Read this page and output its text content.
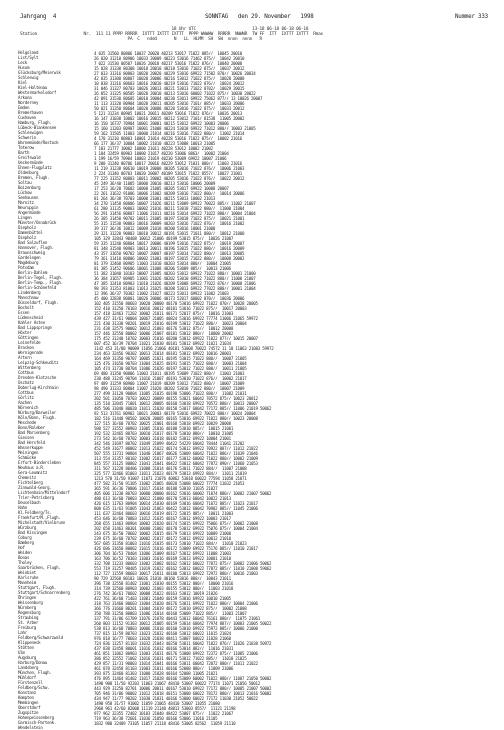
Jahrgang  4	SONNTAG   den 29. November   1998	Nummer 333
18 Uhr UTC                       13-18 06-18 06-18 06-18
Station                   Nr.  111 11 PPPP RRRRR  IXTTT IXTTT IXTTT  PPPP WWWWW  RRRRR  NWWWR  TW FF  ITT  IXTTT IXTTT  Rmax
PA  C   nddd       N   LL  HLMM  SH  SW  nnnn  nnnn   R
Helgoland	4 035 31560 80806 10037 20020 40213 53017 71022 885//  10045 20010
List/Sylt	26 020 31210 80906 10033 20009 40223 53016 71462 875//  10042 20010
Leck	7 022 31530 00507 10026 20018 40217 53016 71022 876//  10040 20008
Husum	15 028 31330 80308 10018 20010 40218 53016 71022 875//  10037 20012
Glücksburg/Meierwik	27 033 31316 80803 10020 20020 40229 53016 69922 71502 870// 10026 20034
Schleswig	42 035 31308 80807 10020 20006 40216 53012 71022 875//  10028 20008
Kiel	10 038 31316 80603 10016 20010 40219 53016 71022 876//  10024 20012
Kiel-Holtenau	31 046 31327 80703 10026 20013 40221 53013 71022 8702/  10029 20015
Westermarkelsdorf	26 052 31325 80505 10020 20010 40213 53016 60002 71022 875// 10030 20022
Arkona	42 091 31530 80605 10018 20004 40230 53011 69922 75062 877// 13 10026 20007
Norderney	11 113 31320 80904 10020 20011 40205 53016 7101/ 885//  10033 20006
Emden	50 021 31350 80604 10020 20008 40220 53016 71022 875//  10033 20012
Bremerhaven	5 121 31234 80905 10021 20011 40209 53016 71022 876//  10026 20013
Cuxhaven	16 147 31038 10002 10016 20015 40212 53012 7101/ 81538  11005 20002
Hamburg, Flugh.	16 150 16737 70904 10001 20001 40215 53012 69922 10003 20006
Lübeck-Blankensee	15 160 11203 80907 10001 21008 40224 53018 69922 71012 880// 10003 21005
Schleswigen	59 162 31505 11003 10000 21014 40216 53016 71022 880//  11002 21014
Schwerin	4 170 31210 80803 10001 21014 40228 53016 71022 875//  10002 21016
Warnemünde/Rostock	66 177 36/37 10004 10002 21010 40223 53008 10013 21005
Teterow	7 183 21777 10002 10000 21011 40228 53012 10002 21002
Barth	1 184 32459 80903 10000 21017 40220 53006 8863/  10002 21004
Greifswald	1 199 16/59 70904 10003 21019 40230 53009 69922 10007 21006
Ueckermünde	9 200 31240 80706 10017 20016 40229 53012 71031 880//  11003 21016
Ehnen-Flugplatz	11 219 31238 80610 10019 20008 40205 53016 71022 876//  10006 21003
Oldenburg	2 224 31340 80703 10020 20007 40189 53015 71022 8557/  10027 21001
Bremen, Flugh.	77 225 31352 80803 10011 20002 40205 53016 71022 876//  10022 20012
Soltau	45 249 36/40 11005 10000 20010 40213 53016 10006 20009
Boizenburg	17 253 16/20 70602 10008 21005 40205 53017 69922 10008 20007
Lüchow	22 261 31632 91006 10006 21002 40209 53016 71022 880//  10014 20006
Seehausen	81 264 36/38 70703 10000 21001 40215 53013 10002 21013
Marnitz	34 270 11458 80806 10007 21026 40211 53009 69922 70022 885// 11002 21007
Neuruppin	61 280 31135 90803 10002 21016 40211 53018 71022 880//  11000 21004
Angermünde	56 291 31456 80807 11006 21011 40216 53014 69922 71022 880// 10004 21004
Lingen	26 305 31450 90702 10011 21005 40197 53018 71022 875//  10021 21001
Münster/Osnabrück	55 315 31530 90803 10016 20009 40203 53016 71022 876//  10016 21002
Diepholz	39 317 36/36 10012 10009 21018 40200 53016 10001 21000
Damenbüttel	29 321 31220 90803 10010 20012 40191 53015 71011 880//  10012 21000
Diepholz	105 329 32843 90408 10012 21006 40199 53015 875//  10026 21007
Bad Salzuflen	59 335 31240 80804 10017 20006 40199 53016 71022 875//  10019 20007
Hannover, Flugh.	81 348 31540 90903 10013 20011 40196 53015 71022 880//  10016 20009
Braunschweig	43 357 31650 90702 10007 20007 40197 53014 71022 880//  10013 20005
Gardelegen	79 361 31410 80806 10002 21003 40197 53015 71022 880//  10008 20002
Magdeburg	81 379 32460 80905 11003 21010 40203 53014 880//  10004 21005
Potsdam	81 385 31452 90606 10001 21008 40206 53009 885//  10013 21006
Berlin-Dahlem	51 382 31040 10103 10007 21005 40203 53012 69922 71022 880// 10001 21000
Berlin-Tegel, Flugh.	36 384 31657 80905 11001 21026 40202 53010 69922 71022 880// 11000 21007
Berlin-Temp., Flugh.	47 385 32410 80903 11010 21026 40209 53008 69922 77022 876// 10008 21006
Berlin-Schönefeld	98 393 31353 81003 11013 21025 40208 53013 69922 77022 880// 10001 21004
Lindenberg	12 396 36/37 70302 11002 21027 40223 53011 69922 11002 21003
Manschnow	45 400 32838 80801 10026 20006 40173 52017 60002 870//  10036 20006
Düsseldorf, Flugh.	102 405 31550 80603 10020 20000 40170 53016 69922 71022 870// 10028 20005
Bocholt	152 410 31250 70103 10016 20012 40181 53016 71022 875//  10017 20003
Essen	157 418 32463 71202 10002 21011 40171 52017 875//  10016 21003
Lüdenscheid	439 427 31/61 90004 10067 21005 40824 53016 69922 77774 11006 21065 59972
Kahler Asten	221 430 31330 90201 10019 21016 40199 53012 71022 880//  10023 20004
Bad Lippspringe	231 438 32575 90002 10012 21003 40176 53012 875//  10012 20008
Höxter	157 446 32550 80002 10006 21007 40181 53012 880//  10008 20002
Göttingen	175 452 31240 10702 10003 21016 40200 53012 69922 71022 877// 10015 20007
Leinefelde	607 452 16/39 70704 11021 21030 40181 53012 69922 11021 21034
Brocken	1142 453 31/80 90009 11056 21066 40181 53008 70022 74572 11 10 11063 21083 59972
Wernigerode	234 463 32456 90302 10013 21014 40181 53012 69922 10016 20003
Artern	164 469 31350 90707 10005 21021 40195 53015 71022 880//  10007 21005
Leipzig-Schkeuditz	125 476 31650 90703 11004 21025 40191 53015 71022 880//  10003 21004
Wittenberg	105 474 31730 80704 11006 21026 40197 53012 71022 880//  10011 21005
Cottbus	69 480 31350 90806 11003 21011 40195 53009 71022 880//  11003 21003
Dresden-Klotzsche	230 488 31245 90704 11016 21007 40191 53010 71022 876//  10002 21017
Oschatz	97 489 31259 80900 11007 21019 40209 53012 71022 880//  10007 21009
Doberlug-Kirchhain	98 490 31333 80804 11007 21020 40202 53010 71022 880//  10007 21009
Cottbus	277 499 31128 90804 11005 21035 40190 53006 71022 880//  11002 21031
Görlitz	202 501 31050 70703 10022 20009 40155 53021 60042 70572 875// 10023 20012
Aachen	135 510 32045 71001 10012 20005 40160 53018 69922 70572 880// 10013 20007
Nörvenich	485 506 31040 80020 11011 21020 40158 53017 60042 77172 885// 11006 21019 50062
Nürburg/Barweiler	92 513 31761 80902 10021 20003 40170 53016 69922 70022 880// 10024 20004
Köln/Bonn, Flugh.	182 516 31440 90502 10020 20005 40165 53016 69922 71022 880// 10023 20008
Meschede	127 515 16/60 70702 10025 21001 40168 53018 69922 10029 20008
Bonn/Roleber	580 527 31552 80903 11005 21016 40180 53010 885//  10015 21001
Bad Marienberg	192 532 32465 80703 10010 21017 40178 53010 880//  10010 21005
Giessen	273 542 16/60 70702 10003 21018 40182 53012 69922 10004 21001
Bad Hersfeld	342 546 31697 80702 11049 21099 40422 54229 60042 78444 11041 21202
Wasserkuppe	452 549 31677 80802 11013 21022 40174 53012 69922 70922 887// 11012 21022
Meiningen	507 555 11731 90804 11040 21067 40626 53009 60042 71022 886// 11039 21046
Schmücke	313 554 31357 80102 11002 21017 40177 53012 60002 71022 880// 10002 21009
Erfurt-Bindersleben	845 557 31125 80802 11041 21041 40422 53012 60042 77872 890// 11060 21053
Neuhaus a.R.	311 567 31228 80406 11008 21014 40176 53011 71022 884//  11007 21008
Gera-Leumnitz	325 577 32466 81003 11011 21023 40179 53013 69922 884//  11011 21019
Chemnitz	1213 578 31/50 91007 11071 21076 40862 53010 60022 77594 11058 21071
Fichtelberg	477 582 31/50 91305 11002 21065 40828 53008 60022 77774 11032 21053
Zinnwald-Georg.	365 591 36/36 70806 11017 21034 40188 53010 11035 21027
Lichtenhain/Mittelndorf	405 606 11230 80703 10000 20000 40162 53016 60002 71074 880// 10002 21007 50062
Trier-Petrisberg	480 613 16/60 70803 10012 21000 40170 53013 60042 10022 21013
Deuselbach	426 615 11763 80904 10014 21030 40169 53016 60042 71072 885// 11023 21017
Hahn	808 635 11/63 91005 11043 21063 40422 53012 60042 70902 885// 11045 21006
Kl.Feldberg/Ts.	111 637 32464 80603 10016 21019 40172 53015 885//  10011 21003
Frankfurt/M.,Flugh.	453 646 16/60 70803 11012 21035 40167 53012 69922 10003 21017
Michelstadt/Vielbrunn	268 655 11463 80904 10002 21020 40174 53015 69922 75066 875// 10002 21008
Würzburg	202 658 31463 80301 10000 21002 40178 53012 69922 75076 875// 10004 21004
Bad Kissingen	243 675 16/50 70602 10002 21015 40179 53013 69922 10009 21000
Coburg	239 675 16/60 70702 10002 21017 40172 53012 69922 10012 21010
Bamberg	567 685 31350 81003 11016 21035 40173 53010 71022 884//  11010 21023
Hof	426 686 31650 80802 11015 21016 40172 53009 69922 75176 885// 11010 21017
Weiden	306 704 16/53 70404 11006 21009 40167 53012 69922 11008 21003
Bonas	163 706 16/52 70303 11003 21016 40169 53013 69922 10001 21010
Tholey	332 708 11233 80603 11002 21002 40162 53012 60022 77872 875// 10002 21006 50062
Saarbrücken, Flugh.	553 719 31257 90405 11019 21022 40162 53012 60022 77872 885// 11010 21008 59062
Weinbiet	112 727 11559 80603 10017 21011 40180 53013 69922 72972 880// 10016 21003
Karlsruhe	90 729 32568 80103 10026 21010 40160 53016 880//  10043 21011
Mannheim	396 738 32558 81402 11001 21030 40155 53012 880//  10000 21016
Stuttgart, Flugh.	314 739 32560 80903 10002 21003 40155 53012 880//  11003 21018
Stuttgart/Schnarrenberg	276 742 36/61 70602 10008 21022 40163 53012 10019 21026
Öhringen	422 761 36/60 71403 11001 21040 40159 53016 69922 10010 21005
Weissenburg	318 763 31460 80603 11004 21020 40176 53011 69922 71022 880// 10004 21006
Nürnberg	366 776 31660 80201 11004 21019 40172 53010 69922 875//  10002 21008
Regensburg	350 788 31250 80803 11006 21014 40168 53009 71022 885//  11003 21007
Straubing	337 791 31/06 61709 11076 21078 40443 53012 60042 76161 880//  11075 21061
St. Arber	260 803 11152 91303 10012 21005 40159 53014 60042 77974 887// 10003 21005 50022
Freiburg	538 813 16/60 70803 10006 21018 40160 53010 69922 75972 885// 10006 21000
Lahr	737 815 11/59 80703 11023 21032 40160 53012 60022 11015 21024
Feldberg/Schwarzwald	976 818 16/77 70603 11028 21038 48411 53007 60022 11028 21060
Klippeneck	724 836 11257 81103 11032 21043 40250 53011 60042 71022 876// 11026 21038 50972
Stötten	437 838 32458 80601 11016 21032 40166 53014 882//  11016 21031
Ulm	461 851 11062 80903 11003 21031 40176 53008 69922 72372 875// 11005 21006
Augsburg	386 852 32552 71002 11016 21031 40171 53012 71022 885//  11010 21025
Harburg/Donau	429 857 11/31 90003 11014 21041 40166 53011 60042 72072 880// 11011 21022
Landsberg	461 870 32458 81103 11003 21011 40166 52008 880//  11009 21006
München, Flugh.	393 875 32460 81303 11000 21028 40164 52008 11005 21021
Mühldorf	476 895 11464 81402 11017 21028 40166 53009 60002 71022 880// 11007 21050 50002
Fürstenzell	1490 908 11/50 92203 11063 21067 48410 53007 60022 77174 11071 21056 50012
Feldberg/Schw.	443 929 31250 82701 10006 20011 40167 53010 69922 77172 880// 10005 21007 50002
Konstanz	705 946 31/06 90002 11012 21018 40151 53000 60022 78172 880// 10013 21016 50002
Kempten	434 947 11/77 90202 11030 21031 40166 53000 60022 77172 11030 21052 50022
Memmingen	1490 958 31/57 91002 11059 21065 48410 53007 11055 21080
Oberstdorf	2960 961 42/60 82008 11119 21140 48813 53003 8557/  11121 21198
Zugspitze	977 962 32355 72402 10103 21040 48422 53007 875//  11022 21067
Hohenpeissenberg	719 963 36/38 72601 11036 21050 40166 53006 11010 21105
Garmisch-Partenk.	1832 980 32409 73105 11057 21118 48416 53005 82562  11059 21110
Wendelstein
